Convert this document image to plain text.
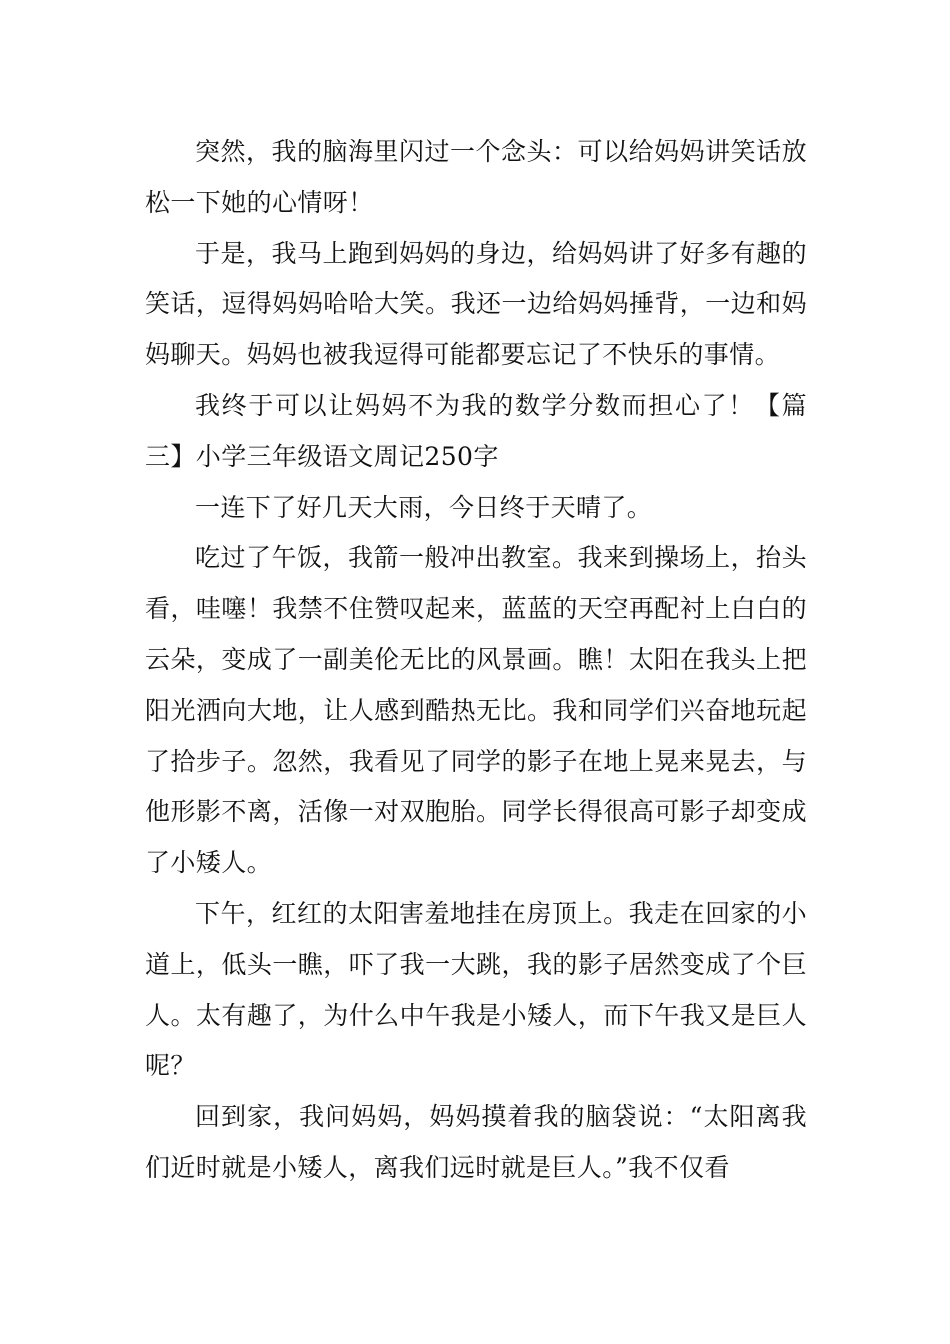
突然，我的脑海里闪过一个念头：可以给妈妈讲笑话放松一下她的心情呀！

于是，我马上跑到妈妈的身边，给妈妈讲了好多有趣的笑话，逗得妈妈哈哈大笑。我还一边给妈妈捶背，一边和妈妈聊天。妈妈也被我逗得可能都要忘记了不快乐的事情。

我终于可以让妈妈不为我的数学分数而担心了！【篇三】小学三年级语文周记250字

一连下了好几天大雨，今日终于天晴了。

吃过了午饭，我箭一般冲出教室。我来到操场上，抬头看，哇噻！我禁不住赞叹起来，蓝蓝的天空再配衬上白白的云朵，变成了一副美伦无比的风景画。瞧！太阳在我头上把阳光洒向大地，让人感到酷热无比。我和同学们兴奋地玩起了拾步子。忽然，我看见了同学的影子在地上晃来晃去，与他形影不离，活像一对双胞胎。同学长得很高可影子却变成了小矮人。

下午，红红的太阳害羞地挂在房顶上。我走在回家的小道上，低头一瞧，吓了我一大跳，我的影子居然变成了个巨人。太有趣了，为什么中午我是小矮人，而下午我又是巨人呢？

回到家，我问妈妈，妈妈摸着我的脑袋说：“太阳离我们近时就是小矮人，离我们远时就是巨人。”我不仅看
